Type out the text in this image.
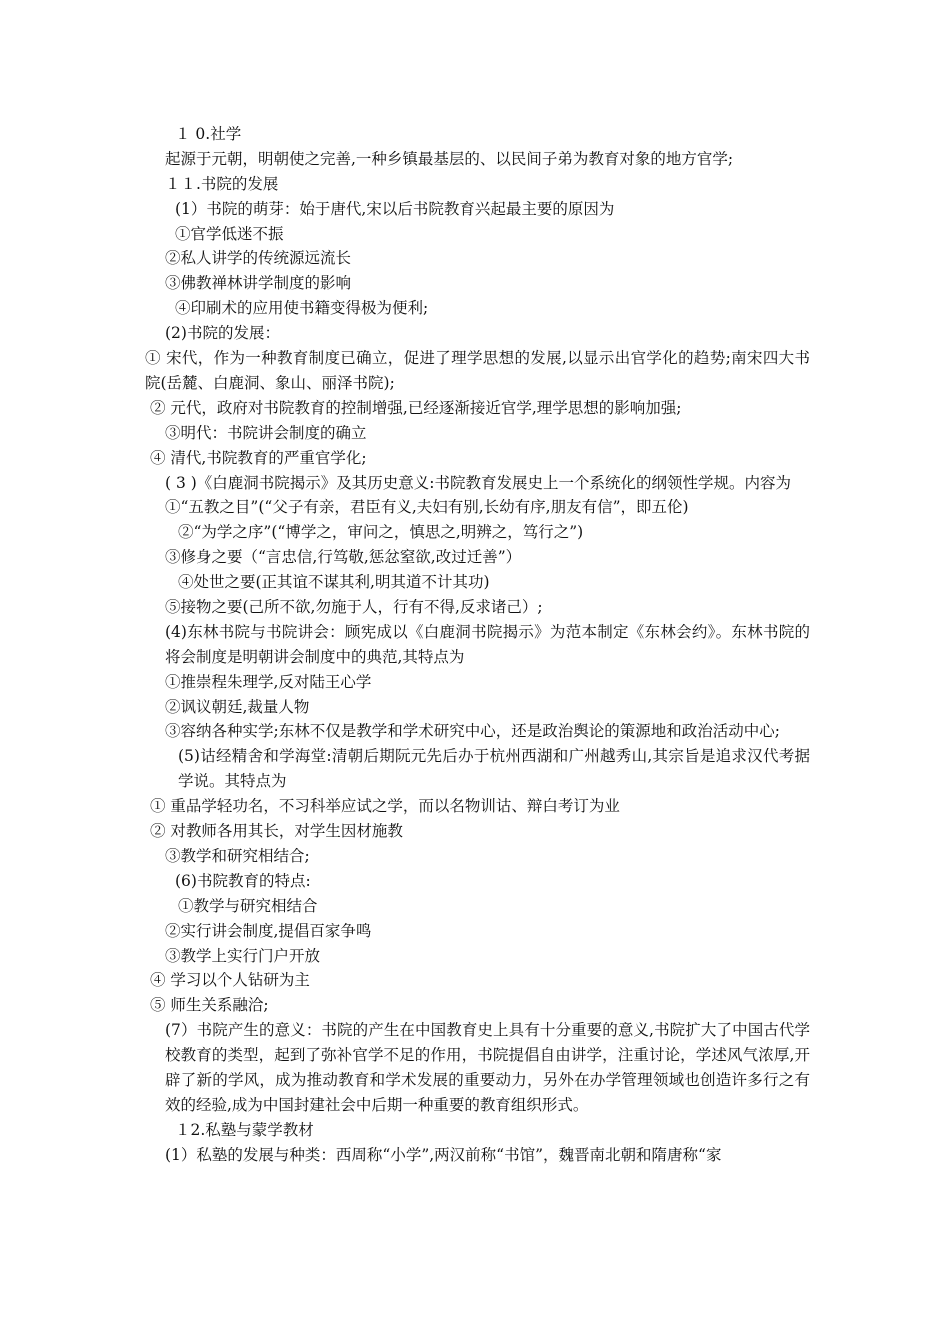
１ 0.社学
起源于元朝，明朝使之完善,一种乡镇最基层的、以民间子弟为教育对象的地方官学;
１１.书院的发展
(1）书院的萌芽：始于唐代,宋以后书院教育兴起最主要的原因为
①官学低迷不振
②私人讲学的传统源远流长
③佛教禅林讲学制度的影响
④印刷术的应用使书籍变得极为便利;
(2)书院的发展：
① 宋代，作为一种教育制度已确立，促进了理学思想的发展,以显示出官学化的趋势;南宋四大书院(岳麓、白鹿洞、象山、丽泽书院);
② 元代，政府对书院教育的控制增强,已经逐渐接近官学,理学思想的影响加强;
③明代：书院讲会制度的确立
④ 清代,书院教育的严重官学化;
( 3 )《白鹿洞书院揭示》及其历史意义:书院教育发展史上一个系统化的纲领性学规。内容为
①“五教之目”(“父子有亲，君臣有义,夫妇有别,长幼有序,朋友有信”，即五伦)
②“为学之序”(“博学之，审问之，慎思之,明辨之，笃行之”)
③修身之要（“言忠信,行笃敬,惩忿窒欲,改过迁善”）
④处世之要(正其谊不谋其利,明其道不计其功)
⑤接物之要(己所不欲,勿施于人，行有不得,反求诸己）;
(4)东林书院与书院讲会：顾宪成以《白鹿洞书院揭示》为范本制定《东林会约》。东林书院的将会制度是明朝讲会制度中的典范,其特点为
①推崇程朱理学,反对陆王心学
②讽议朝廷,裁量人物
③容纳各种实学;东林不仅是教学和学术研究中心，还是政治舆论的策源地和政治活动中心;
(5)诂经精舍和学海堂:清朝后期阮元先后办于杭州西湖和广州越秀山,其宗旨是追求汉代考据学说。其特点为
① 重品学轻功名，不习科举应试之学，而以名物训诂、辩白考订为业
② 对教师各用其长，对学生因材施教
③教学和研究相结合;
(6)书院教育的特点:
①教学与研究相结合
②实行讲会制度,提倡百家争鸣
③教学上实行门户开放
④ 学习以个人钻研为主
⑤ 师生关系融洽;
(7）书院产生的意义：书院的产生在中国教育史上具有十分重要的意义,书院扩大了中国古代学校教育的类型，起到了弥补官学不足的作用，书院提倡自由讲学，注重讨论，学述风气浓厚,开辟了新的学风，成为推动教育和学术发展的重要动力，另外在办学管理领域也创造许多行之有效的经验,成为中国封建社会中后期一种重要的教育组织形式。
１2.私塾与蒙学教材
(1）私塾的发展与种类：西周称“小学”,两汉前称“书馆”，魏晋南北朝和隋唐称“家
